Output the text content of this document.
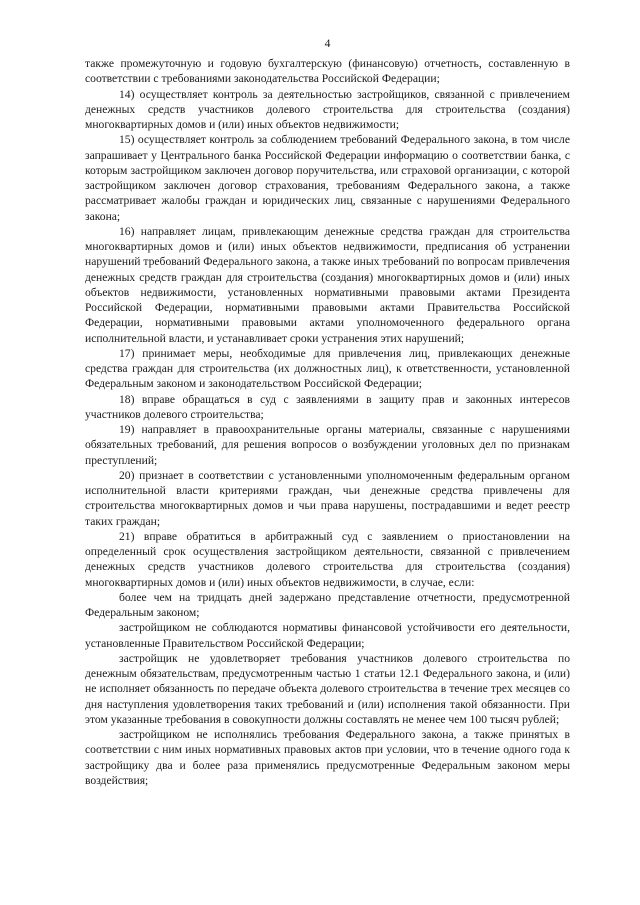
4

также промежуточную и годовую бухгалтерскую (финансовую) отчетность, составленную в соответствии с требованиями законодательства Российской Федерации;

14) осуществляет контроль за деятельностью застройщиков, связанной с привлечением денежных средств участников долевого строительства для строительства (создания) многоквартирных домов и (или) иных объектов недвижимости;

15) осуществляет контроль за соблюдением требований Федерального закона, в том числе запрашивает у Центрального банка Российской Федерации информацию о соответствии банка, с которым застройщиком заключен договор поручительства, или страховой организации, с которой застройщиком заключен договор страхования, требованиям Федерального закона, а также рассматривает жалобы граждан и юридических лиц, связанные с нарушениями Федерального закона;

16) направляет лицам, привлекающим денежные средства граждан для строительства многоквартирных домов и (или) иных объектов недвижимости, предписания об устранении нарушений требований Федерального закона, а также иных требований по вопросам привлечения денежных средств граждан для строительства (создания) многоквартирных домов и (или) иных объектов недвижимости, установленных нормативными правовыми актами Президента Российской Федерации, нормативными правовыми актами Правительства Российской Федерации, нормативными правовыми актами уполномоченного федерального органа исполнительной власти, и устанавливает сроки устранения этих нарушений;

17) принимает меры, необходимые для привлечения лиц, привлекающих денежные средства граждан для строительства (их должностных лиц), к ответственности, установленной Федеральным законом и законодательством Российской Федерации;

18) вправе обращаться в суд с заявлениями в защиту прав и законных интересов участников долевого строительства;

19) направляет в правоохранительные органы материалы, связанные с нарушениями обязательных требований, для решения вопросов о возбуждении уголовных дел по признакам преступлений;

20) признает в соответствии с установленными уполномоченным федеральным органом исполнительной власти критериями граждан, чьи денежные средства привлечены для строительства многоквартирных домов и чьи права нарушены, пострадавшими и ведет реестр таких граждан;

21) вправе обратиться в арбитражный суд с заявлением о приостановлении на определенный срок осуществления застройщиком деятельности, связанной с привлечением денежных средств участников долевого строительства для строительства (создания) многоквартирных домов и (или) иных объектов недвижимости, в случае, если:

более чем на тридцать дней задержано представление отчетности, предусмотренной Федеральным законом;

застройщиком не соблюдаются нормативы финансовой устойчивости его деятельности, установленные Правительством Российской Федерации;

застройщик не удовлетворяет требования участников долевого строительства по денежным обязательствам, предусмотренным частью 1 статьи 12.1 Федерального закона, и (или) не исполняет обязанность по передаче объекта долевого строительства в течение трех месяцев со дня наступления удовлетворения таких требований и (или) исполнения такой обязанности. При этом указанные требования в совокупности должны составлять не менее чем 100 тысяч рублей;

застройщиком не исполнялись требования Федерального закона, а также принятых в соответствии с ним иных нормативных правовых актов при условии, что в течение одного года к застройщику два и более раза применялись предусмотренные Федеральным законом меры воздействия;
